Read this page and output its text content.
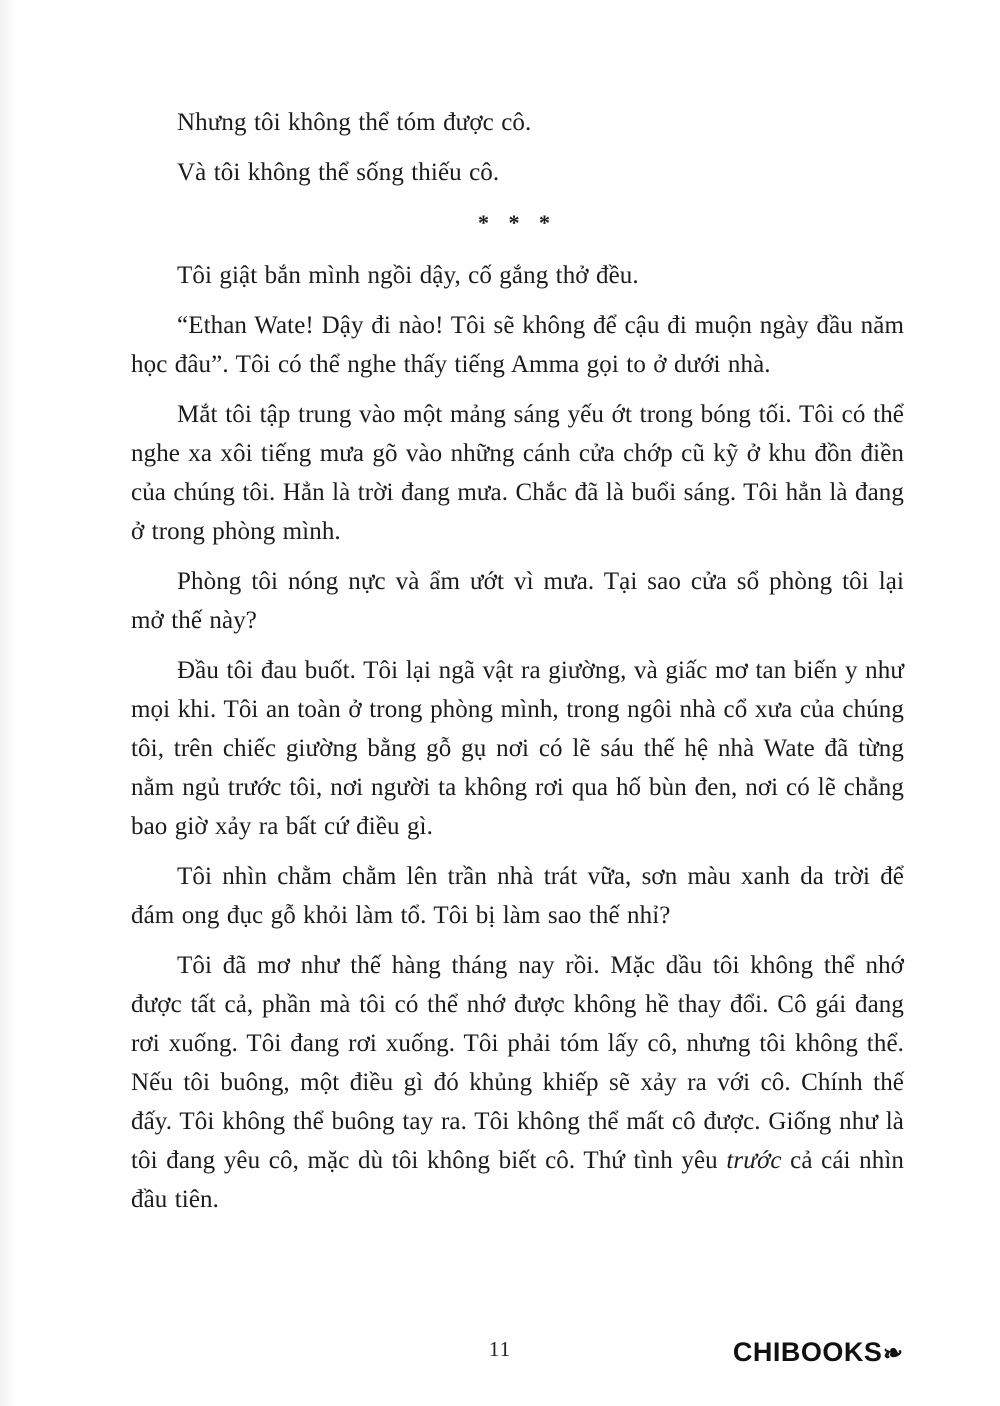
Nhưng tôi không thể tóm được cô.

Và tôi không thể sống thiếu cô.

* * *

Tôi giật bắn mình ngồi dậy, cố gắng thở đều.

“Ethan Wate! Dậy đi nào! Tôi sẽ không để cậu đi muộn ngày đầu năm học đâu”. Tôi có thể nghe thấy tiếng Amma gọi to ở dưới nhà.

Mắt tôi tập trung vào một mảng sáng yếu ớt trong bóng tối. Tôi có thể nghe xa xôi tiếng mưa gõ vào những cánh cửa chớp cũ kỹ ở khu đồn điền của chúng tôi. Hẳn là trời đang mưa. Chắc đã là buổi sáng. Tôi hẳn là đang ở trong phòng mình.

Phòng tôi nóng nực và ẩm ướt vì mưa. Tại sao cửa sổ phòng tôi lại mở thế này?

Đầu tôi đau buốt. Tôi lại ngã vật ra giường, và giấc mơ tan biến y như mọi khi. Tôi an toàn ở trong phòng mình, trong ngôi nhà cổ xưa của chúng tôi, trên chiếc giường bằng gỗ gụ nơi có lẽ sáu thế hệ nhà Wate đã từng nằm ngủ trước tôi, nơi người ta không rơi qua hố bùn đen, nơi có lẽ chẳng bao giờ xảy ra bất cứ điều gì.

Tôi nhìn chằm chằm lên trần nhà trát vữa, sơn màu xanh da trời để đám ong đục gỗ khỏi làm tổ. Tôi bị làm sao thế nhỉ?

Tôi đã mơ như thế hàng tháng nay rồi. Mặc dầu tôi không thể nhớ được tất cả, phần mà tôi có thể nhớ được không hề thay đổi. Cô gái đang rơi xuống. Tôi đang rơi xuống. Tôi phải tóm lấy cô, nhưng tôi không thể. Nếu tôi buông, một điều gì đó khủng khiếp sẽ xảy ra với cô. Chính thế đấy. Tôi không thể buông tay ra. Tôi không thể mất cô được. Giống như là tôi đang yêu cô, mặc dù tôi không biết cô. Thứ tình yêu trước cả cái nhìn đầu tiên.

11	CHIBOOKS
❧
